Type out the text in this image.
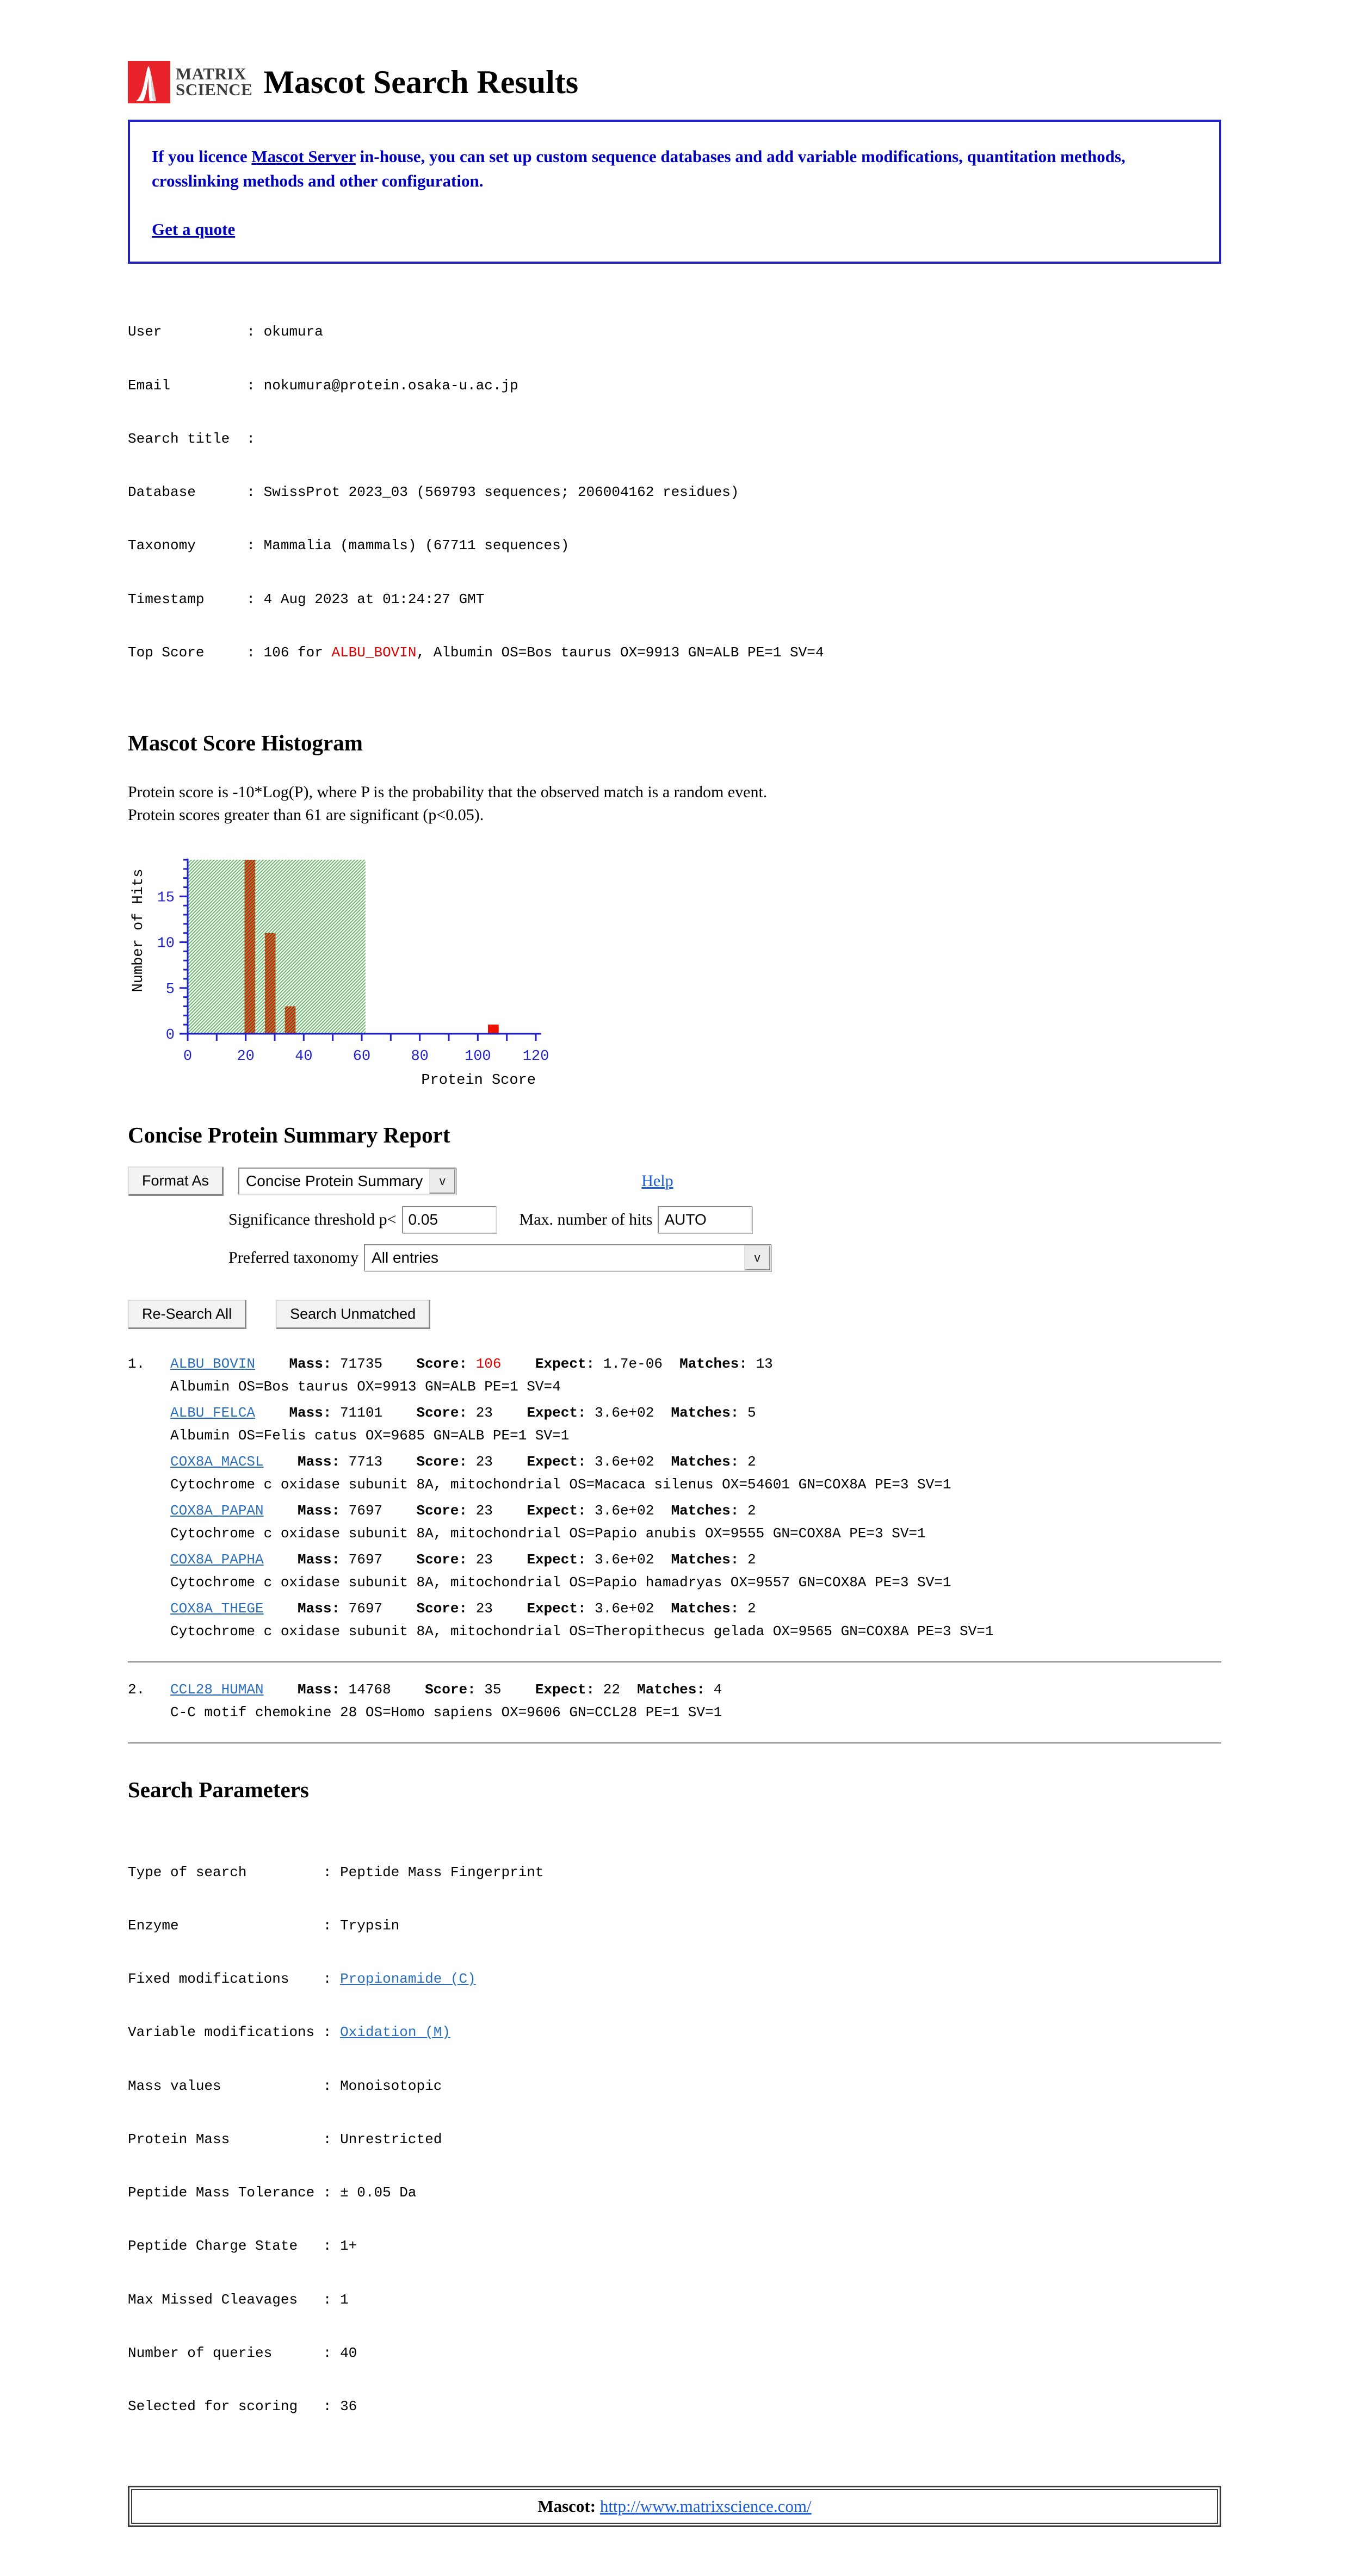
MATRIX
SCIENCE Mascot Search Results
If you licence Mascot Server in-house, you can set up custom sequence databases and add variable modifications, quantitation methods, crosslinking methods and other configuration.
Get a quote

User          : okumura

Email         : nokumura@protein.osaka-u.ac.jp

Search title  :

Database      : SwissProt 2023_03 (569793 sequences; 206004162 residues)

Taxonomy      : Mammalia (mammals) (67711 sequences)

Timestamp     : 4 Aug 2023 at 01:24:27 GMT

Top Score     : 106 for ALBU_BOVIN, Albumin OS=Bos taurus OX=9913 GN=ALB PE=1 SV=4

Mascot Score Histogram
Protein score is -10*Log(P), where P is the probability that the observed match is a random event.
Protein scores greater than 61 are significant (p<0.05).
0	20	40	60	80 100 120
0
5
10
15
Protein Score
Number of Hits
Concise Protein Summary Report
Format As	Concise Protein Summary	v	Help
Significance threshold p<
0.05	Max. number of hits
AUTO
Preferred taxonomy All entries	v
Re-Search All	Search Unmatched
1. ALBU_BOVIN Mass: 71735 Score: 106 Expect: 1.7e-06 Matches: 13
Albumin OS=Bos taurus OX=9913 GN=ALB PE=1 SV=4
ALBU_FELCA Mass: 71101 Score: 23 Expect: 3.6e+02 Matches: 5
Albumin OS=Felis catus OX=9685 GN=ALB PE=1 SV=1
COX8A_MACSL Mass: 7713 Score: 23 Expect: 3.6e+02 Matches: 2
Cytochrome c oxidase subunit 8A, mitochondrial OS=Macaca silenus OX=54601 GN=COX8A PE=3 SV=1
COX8A_PAPAN Mass: 7697 Score: 23 Expect: 3.6e+02 Matches: 2
Cytochrome c oxidase subunit 8A, mitochondrial OS=Papio anubis OX=9555 GN=COX8A PE=3 SV=1
COX8A_PAPHA Mass: 7697 Score: 23 Expect: 3.6e+02 Matches: 2
Cytochrome c oxidase subunit 8A, mitochondrial OS=Papio hamadryas OX=9557 GN=COX8A PE=3 SV=1
COX8A_THEGE Mass: 7697 Score: 23 Expect: 3.6e+02 Matches: 2
Cytochrome c oxidase subunit 8A, mitochondrial OS=Theropithecus gelada OX=9565 GN=COX8A PE=3 SV=1
2. CCL28_HUMAN Mass: 14768 Score: 35 Expect: 22 Matches: 4
C-C motif chemokine 28 OS=Homo sapiens OX=9606 GN=CCL28 PE=1 SV=1
Search Parameters

Type of search         : Peptide Mass Fingerprint

Enzyme                 : Trypsin

Fixed modifications    : Propionamide (C)

Variable modifications : Oxidation (M)

Mass values            : Monoisotopic

Protein Mass           : Unrestricted

Peptide Mass Tolerance : ± 0.05 Da

Peptide Charge State   : 1+

Max Missed Cleavages   : 1

Number of queries      : 40

Selected for scoring   : 36

Mascot: http://www.matrixscience.com/
